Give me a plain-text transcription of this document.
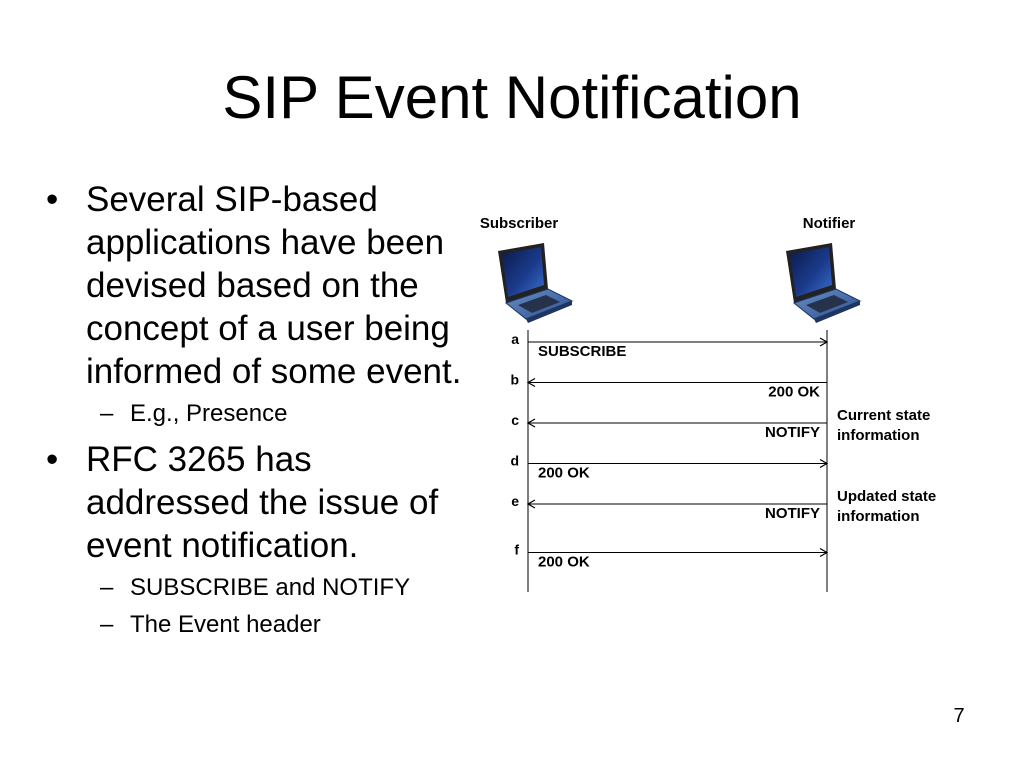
SIP Event Notification
• Several SIP-based applications have been devised based on the concept of a user being informed of some event.
– E.g., Presence
• RFC 3265 has addressed the issue of event notification.
– SUBSCRIBE and NOTIFY
– The Event header
Subscriber	Notifier
a
SUBSCRIBE
b
200 OK
c
NOTIFY
Current state
information
d
200 OK
e
NOTIFY
Updated state
information
f
200 OK
7
